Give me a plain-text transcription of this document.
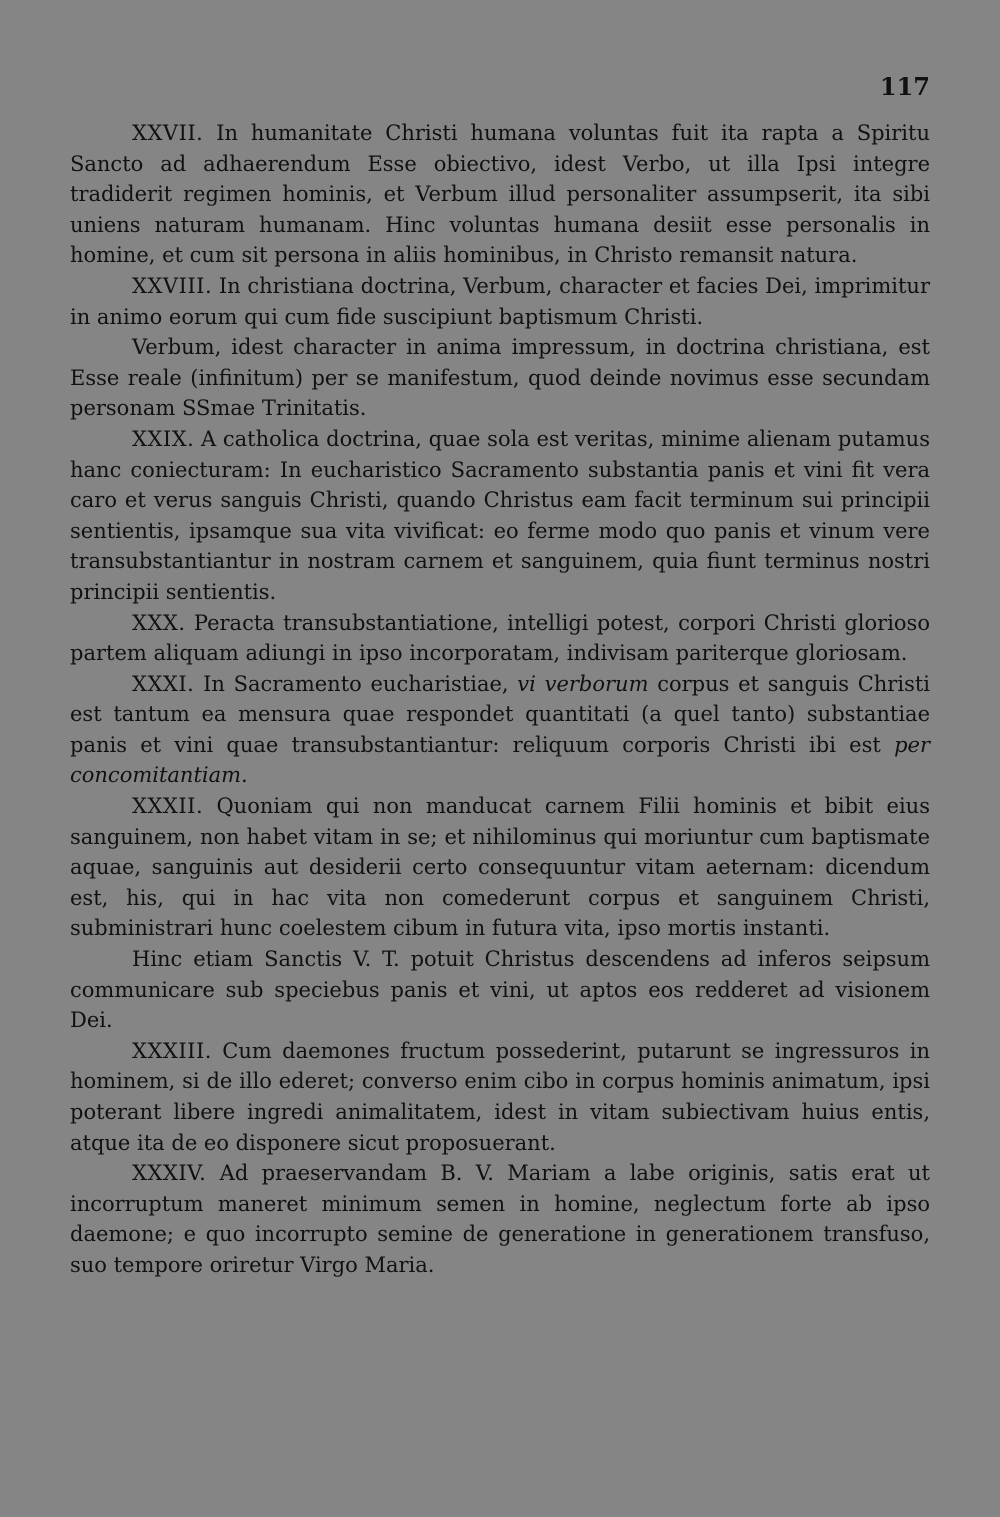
117

XXVII. In humanitate Christi humana voluntas fuit ita rapta a Spiritu Sancto ad adhaerendum Esse obiectivo, idest Verbo, ut illa Ipsi integre tradiderit regimen hominis, et Verbum illud personaliter assumpserit, ita sibi uniens naturam humanam. Hinc voluntas humana desiit esse personalis in homine, et cum sit persona in aliis hominibus, in Christo remansit natura.

XXVIII. In christiana doctrina, Verbum, character et facies Dei, imprimitur in animo eorum qui cum fide suscipiunt baptismum Christi.

Verbum, idest character in anima impressum, in doctrina christiana, est Esse reale (infinitum) per se manifestum, quod deinde novimus esse secundam personam SSmae Trinitatis.

XXIX. A catholica doctrina, quae sola est veritas, minime alienam putamus hanc coniecturam: In eucharistico Sacramento substantia panis et vini fit vera caro et verus sanguis Christi, quando Christus eam facit terminum sui principii sentientis, ipsamque sua vita vivificat: eo ferme modo quo panis et vinum vere transubstantiantur in nostram carnem et sanguinem, quia fiunt terminus nostri principii sentientis.

XXX. Peracta transubstantiatione, intelligi potest, corpori Christi glorioso partem aliquam adiungi in ipso incorporatam, indivisam pariterque gloriosam.

XXXI. In Sacramento eucharistiae, vi verborum corpus et sanguis Christi est tantum ea mensura quae respondet quantitati (a quel tanto) substantiae panis et vini quae transubstantiantur: reliquum corporis Christi ibi est per concomitantiam.

XXXII. Quoniam qui non manducat carnem Filii hominis et bibit eius sanguinem, non habet vitam in se; et nihilominus qui moriuntur cum baptismate aquae, sanguinis aut desiderii certo consequuntur vitam aeternam: dicendum est, his, qui in hac vita non comederunt corpus et sanguinem Christi, subministrari hunc coelestem cibum in futura vita, ipso mortis instanti.

Hinc etiam Sanctis V. T. potuit Christus descendens ad inferos seipsum communicare sub speciebus panis et vini, ut aptos eos redderet ad visionem Dei.

XXXIII. Cum daemones fructum possederint, putarunt se ingressuros in hominem, si de illo ederet; converso enim cibo in corpus hominis animatum, ipsi poterant libere ingredi animalitatem, idest in vitam subiectivam huius entis, atque ita de eo disponere sicut proposuerant.

XXXIV. Ad praeservandam B. V. Mariam a labe originis, satis erat ut incorruptum maneret minimum semen in homine, neglectum forte ab ipso daemone; e quo incorrupto semine de generatione in generationem transfuso, suo tempore oriretur Virgo Maria.
